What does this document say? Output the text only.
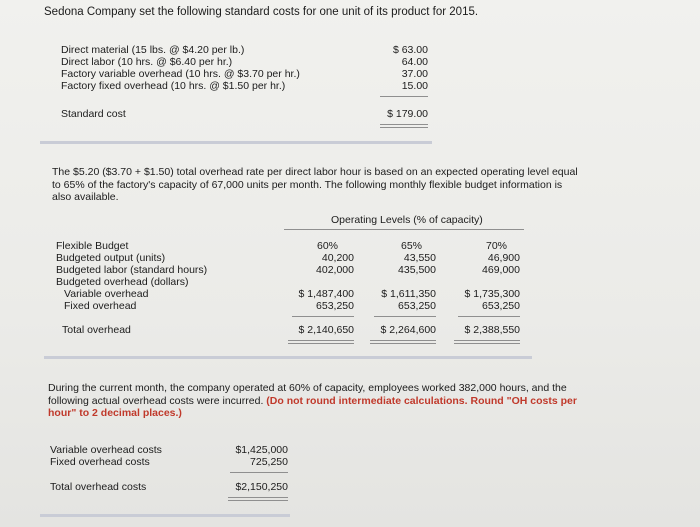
Sedona Company set the following standard costs for one unit of its product for 2015.
Direct material (15 lbs. @ $4.20 per lb.)
Direct labor (10 hrs. @ $6.40 per hr.)
Factory variable overhead (10 hrs. @ $3.70 per hr.)
Factory fixed overhead (10 hrs. @ $1.50 per hr.)
$ 63.00
64.00
37.00
15.00
Standard cost	$ 179.00
The $5.20 ($3.70 + $1.50) total overhead rate per direct labor hour is based on an expected operating level equal to 65% of the factory's capacity of 67,000 units per month. The following monthly flexible budget information is also available.
Operating Levels (% of capacity)
Flexible Budget
Budgeted output (units)
Budgeted labor (standard hours)
Budgeted overhead (dollars)
Variable overhead
Fixed overhead
Total overhead
60%
40,200
402,000
$ 1,487,400
653,250
$ 2,140,650
65%
43,550
435,500
$ 1,611,350
653,250
$ 2,264,600
70%
46,900
469,000
$ 1,735,300
653,250
$ 2,388,550
During the current month, the company operated at 60% of capacity, employees worked 382,000 hours, and the following actual overhead costs were incurred. (Do not round intermediate calculations. Round "OH costs per hour" to 2 decimal places.)
Variable overhead costs
Fixed overhead costs
$1,425,000
725,250
Total overhead costs	$2,150,250
